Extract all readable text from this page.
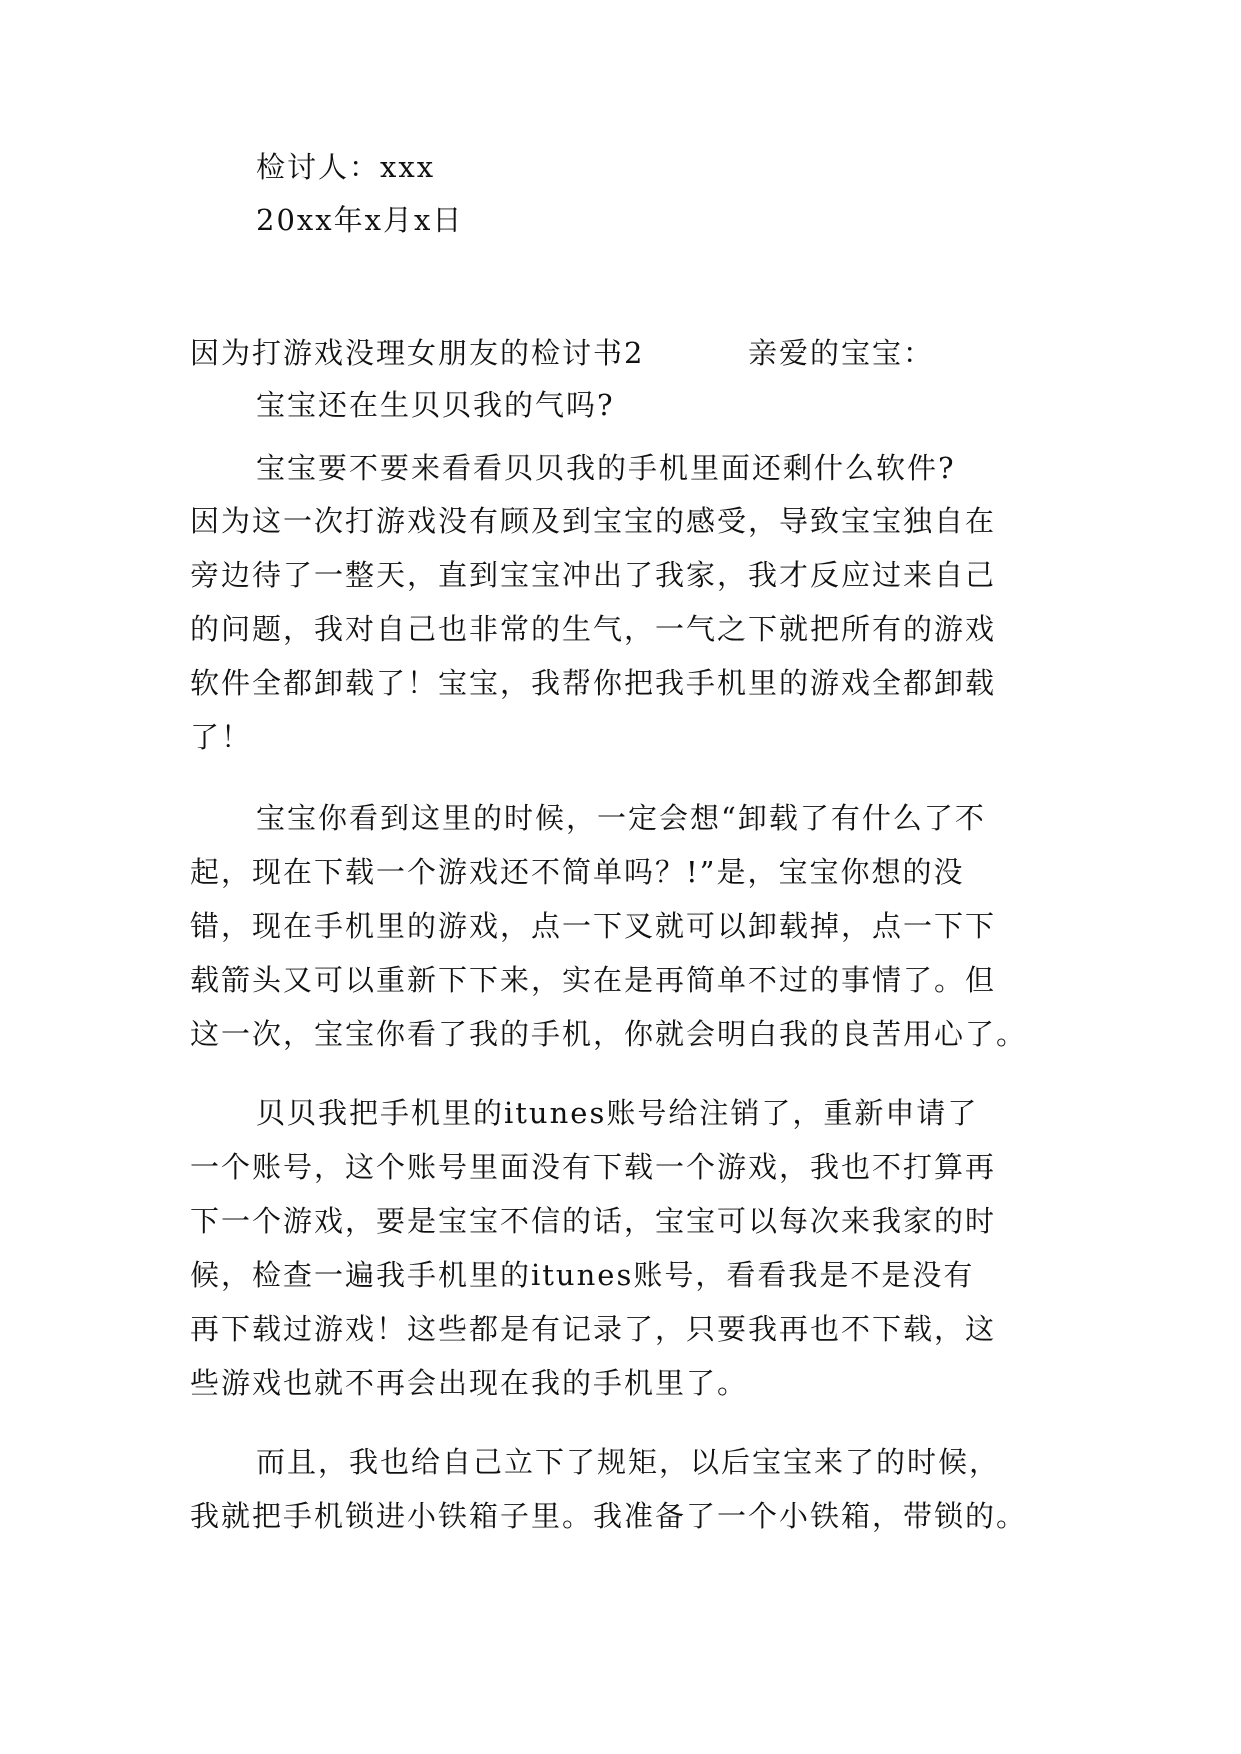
检讨人：xxx
20xx年x月x日
因为打游戏没理女朋友的检讨书2	亲爱的宝宝：
宝宝还在生贝贝我的气吗?
宝宝要不要来看看贝贝我的手机里面还剩什么软件?
因为这一次打游戏没有顾及到宝宝的感受，导致宝宝独自在
旁边待了一整天，直到宝宝冲出了我家，我才反应过来自己
的问题，我对自己也非常的生气，一气之下就把所有的游戏
软件全都卸载了！宝宝，我帮你把我手机里的游戏全都卸载
了！
宝宝你看到这里的时候，一定会想“卸载了有什么了不
起，现在下载一个游戏还不简单吗？!”是，宝宝你想的没
错，现在手机里的游戏，点一下叉就可以卸载掉，点一下下
载箭头又可以重新下下来，实在是再简单不过的事情了。但
这一次，宝宝你看了我的手机，你就会明白我的良苦用心了。
贝贝我把手机里的itunes账号给注销了，重新申请了
一个账号，这个账号里面没有下载一个游戏，我也不打算再
下一个游戏，要是宝宝不信的话，宝宝可以每次来我家的时
候，检查一遍我手机里的itunes账号，看看我是不是没有
再下载过游戏！这些都是有记录了，只要我再也不下载，这
些游戏也就不再会出现在我的手机里了。
而且，我也给自己立下了规矩，以后宝宝来了的时候，
我就把手机锁进小铁箱子里。我准备了一个小铁箱，带锁的。
